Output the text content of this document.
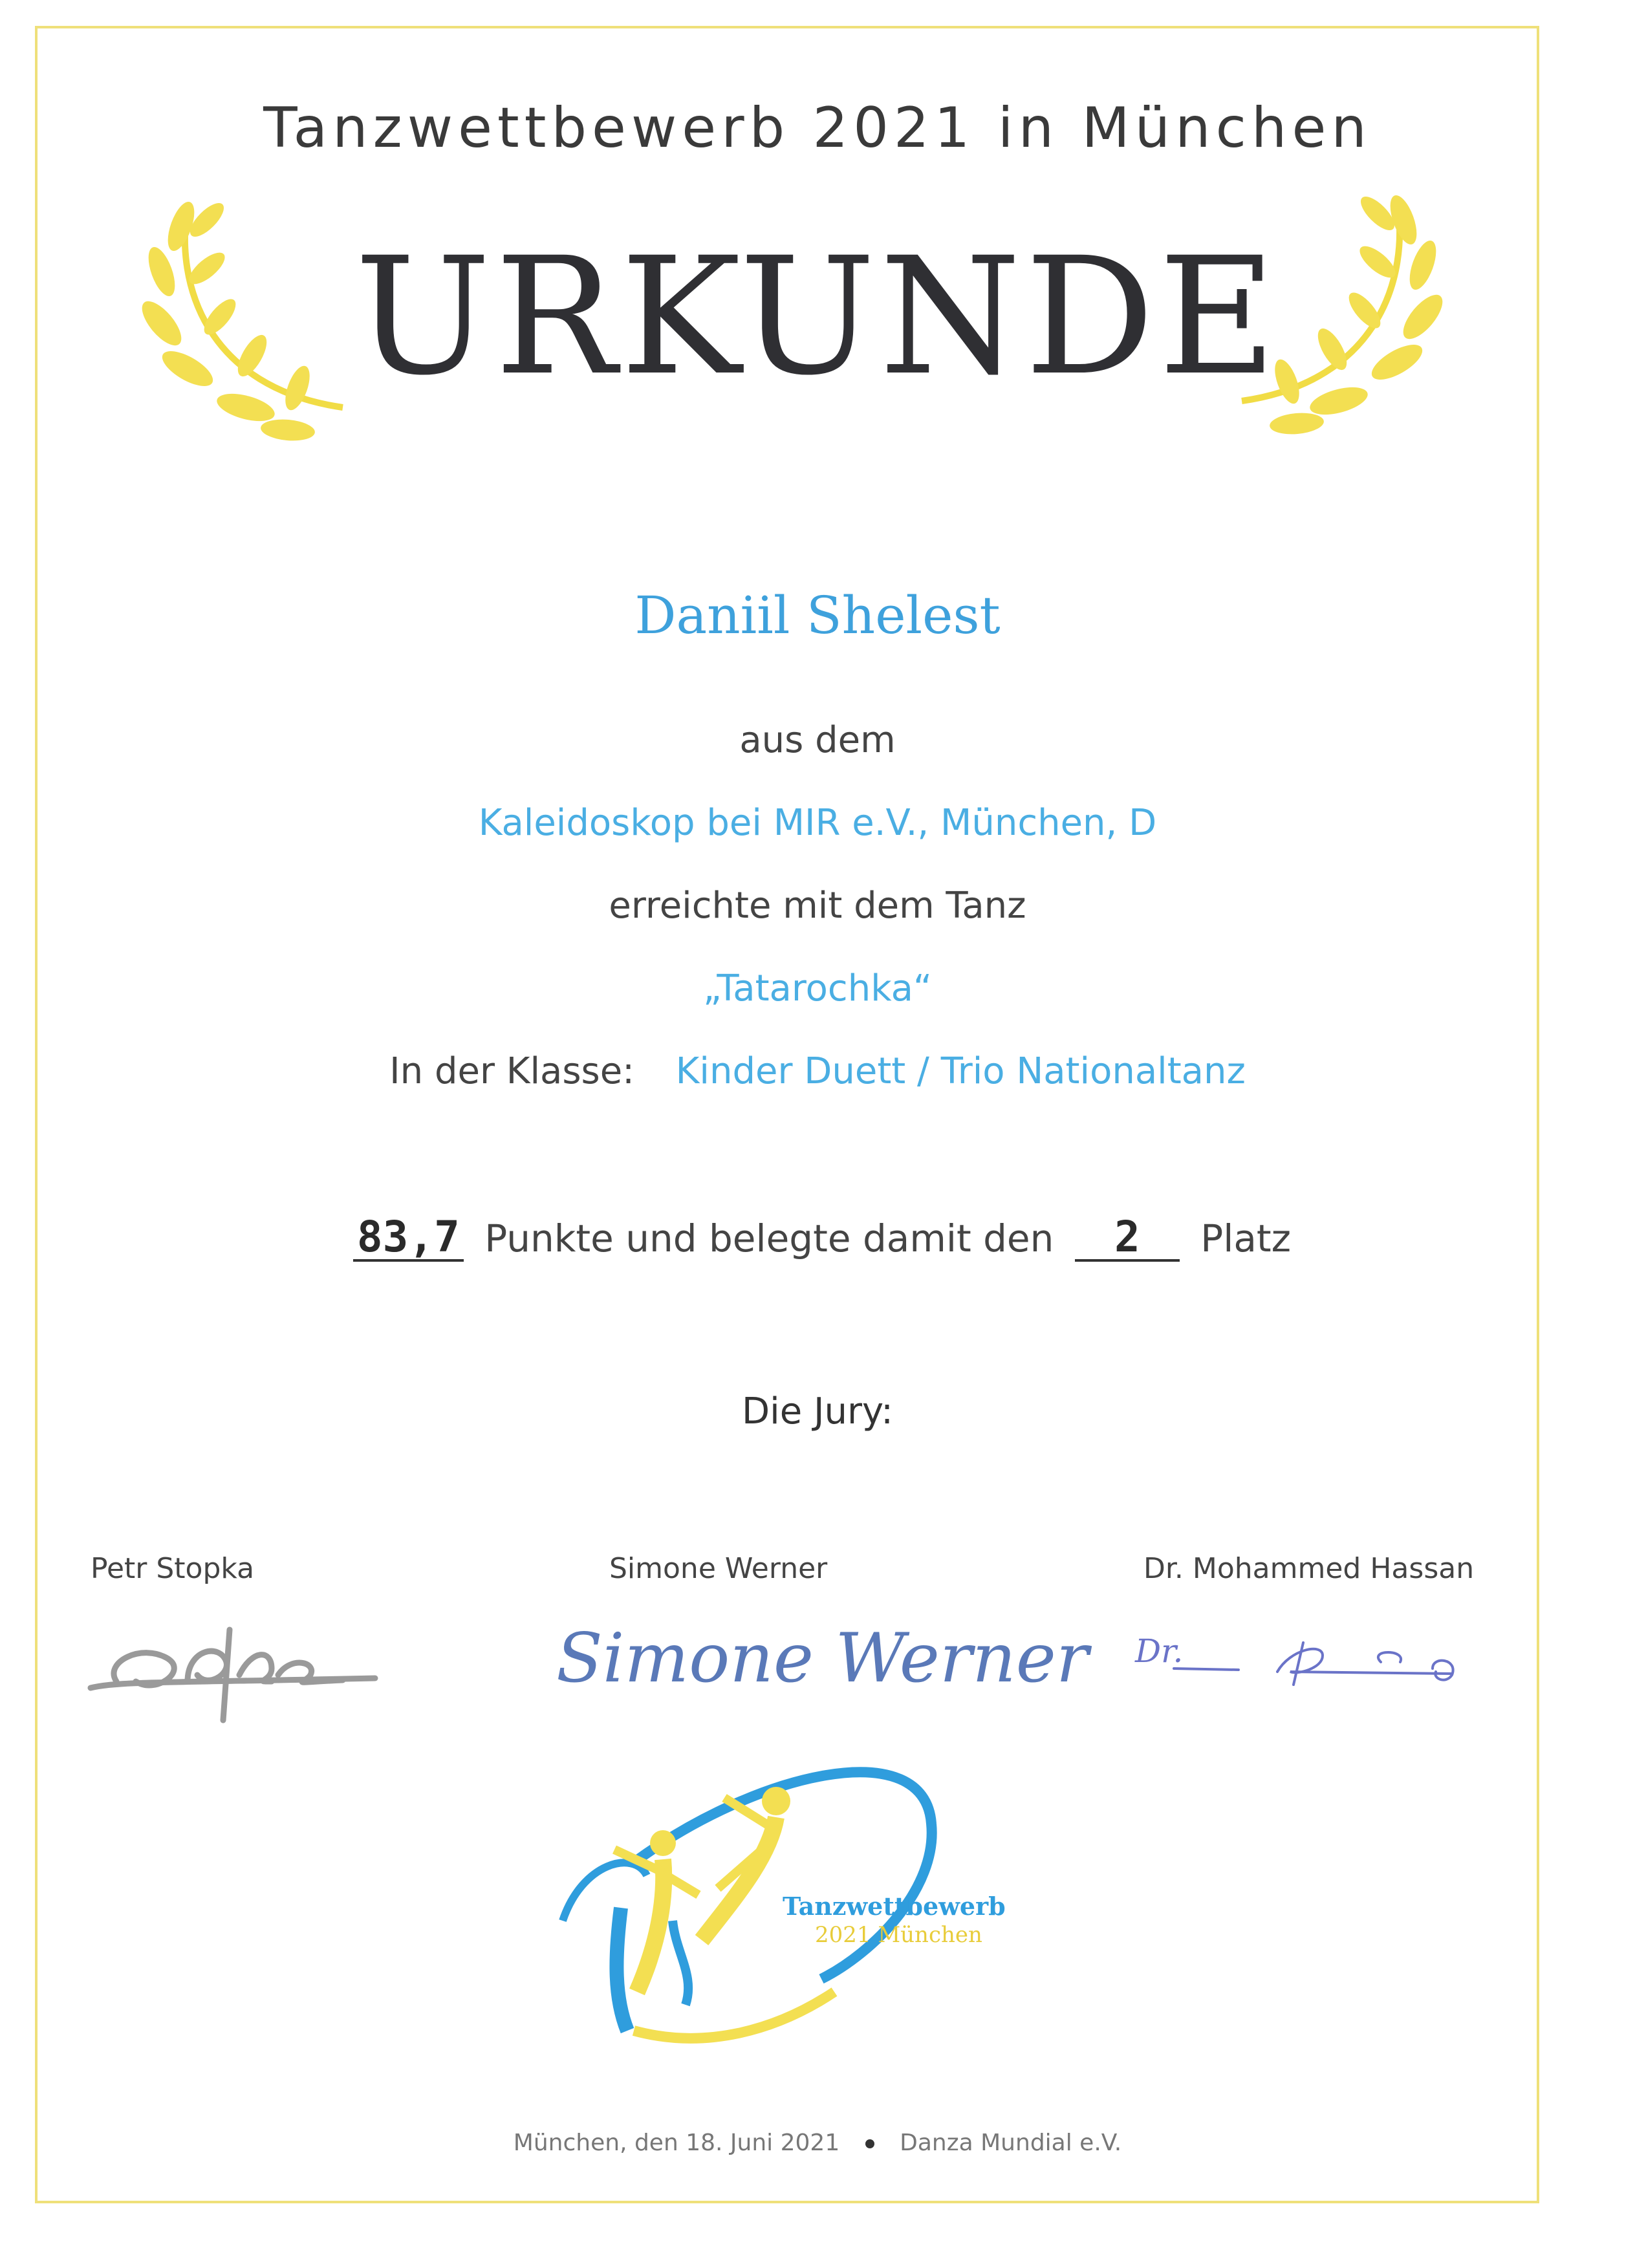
Tanzwettbewerb 2021 in München
URKUNDE
Daniil Shelest
aus dem
Kaleidoskop bei MIR e.V., München, D
erreichte mit dem Tanz
„Tatarochka“
In der Klasse: Kinder Duett / Trio Nationaltanz
83,7 Punkte und belegte damit den 2 Platz
Die Jury:
Petr Stopka	Simone Werner	Dr. Mohammed Hassan
Simone Werner Dr.
Tanzwettbewerb
2021 München
München, den 18. Juni 2021	Danza Mundial e.V.
